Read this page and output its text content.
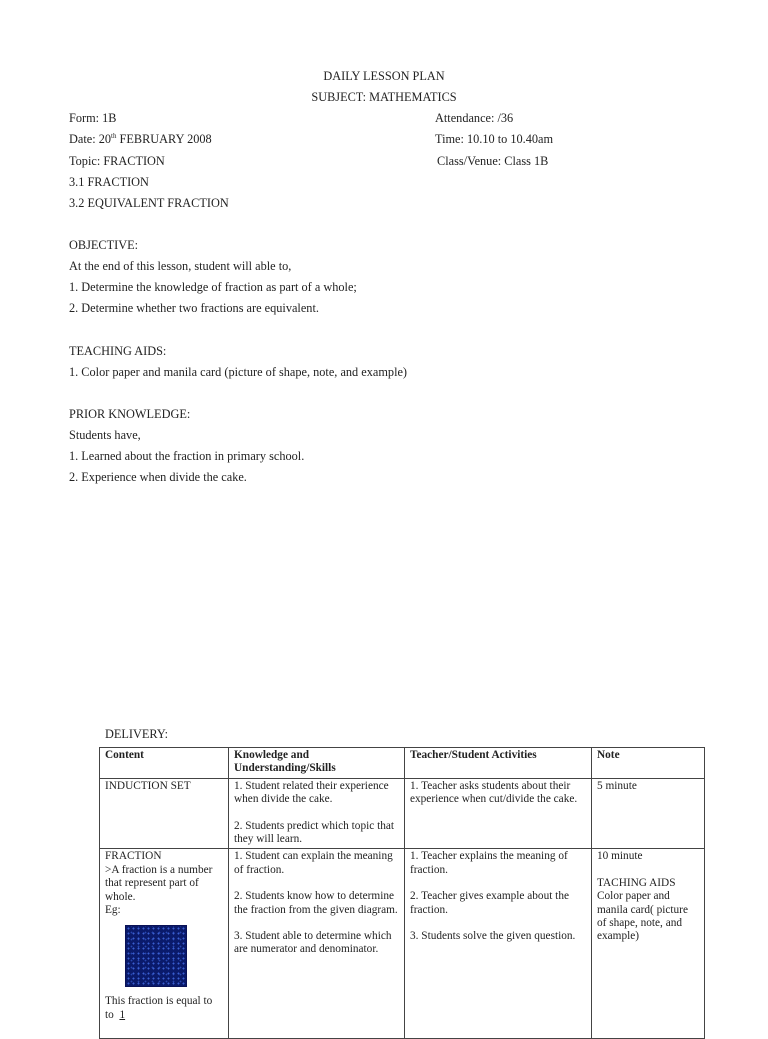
DAILY LESSON PLAN
SUBJECT: MATHEMATICS
Form: 1B	Attendance: /36
Date: 20th FEBRUARY 2008	Time: 10.10 to 10.40am
Topic: FRACTION	Class/Venue: Class 1B
3.1 FRACTION
3.2 EQUIVALENT FRACTION
OBJECTIVE:
At the end of this lesson, student will able to,
1. Determine the knowledge of fraction as part of a whole;
2. Determine whether two fractions are equivalent.
TEACHING AIDS:
1. Color paper and manila card (picture of shape, note, and example)
PRIOR KNOWLEDGE:
Students have,
1. Learned about the fraction in primary school.
2. Experience when divide the cake.
DELIVERY:
Content	Knowledge and Understanding/Skills	Teacher/Student Activities	Note

INDUCTION SET	1. Student related their experience when divide the cake.
2. Students predict which topic that they will learn.	1. Teacher asks students about their experience when cut/divide the cake.	5 minute

FRACTION
>A fraction is a number that represent part of whole.
Eg:
This fraction is equal to
to  1	1. Student can explain the meaning of fraction.
2. Students know how to determine the fraction from the given diagram.
3. Student able to determine which are numerator and denominator.	1. Teacher explains the meaning of fraction.
2. Teacher gives example about the fraction.
3. Students solve the given question.	10 minute
TACHING AIDS
Color paper and manila card( picture of shape, note, and example)
